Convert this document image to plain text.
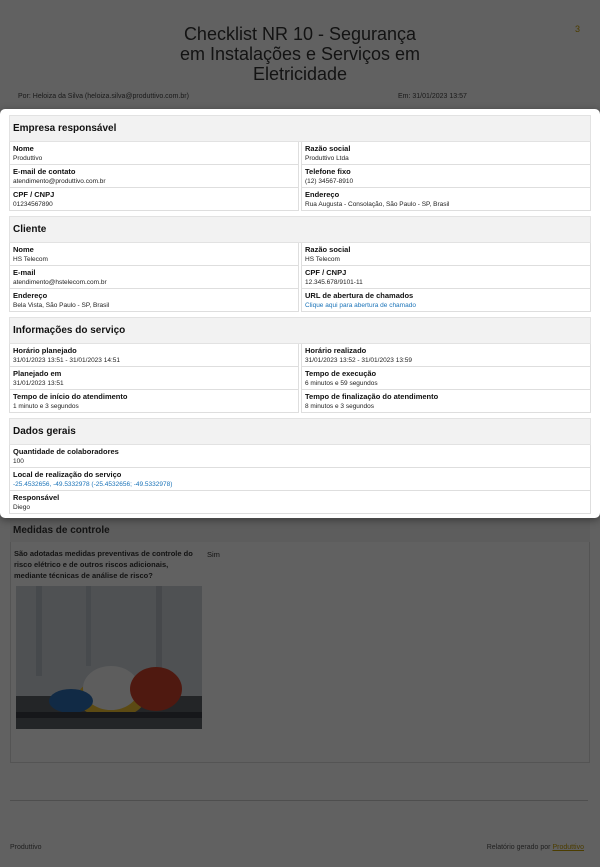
Empresa responsável
Nome
Produttivo
Razão social
Produttivo Ltda
E-mail de contato
atendimento@produttivo.com.br
Telefone fixo
(12) 34567-8910
CPF / CNPJ
01234567890
Endereço
Rua Augusta - Consolação, São Paulo - SP, Brasil
Cliente
Nome
HS Telecom
Razão social
HS Telecom
E-mail
atendimento@hstelecom.com.br
CPF / CNPJ
12.345.678/9101-11
Endereço
Bela Vista, São Paulo - SP, Brasil
URL de abertura de chamados
Clique aqui para abertura de chamado
Informações do serviço
Horário planejado
31/01/2023 13:51 - 31/01/2023 14:51
Horário realizado
31/01/2023 13:52 - 31/01/2023 13:59
Planejado em
31/01/2023 13:51
Tempo de execução
6 minutos e 59 segundos
Tempo de início do atendimento
1 minuto e 3 segundos
Tempo de finalização do atendimento
8 minutos e 3 segundos
Dados gerais
Quantidade de colaboradores
100
Local de realização do serviço
-25.4532656, -49.5332978 (-25.4532656; -49.5332978)
Responsável
Diego
